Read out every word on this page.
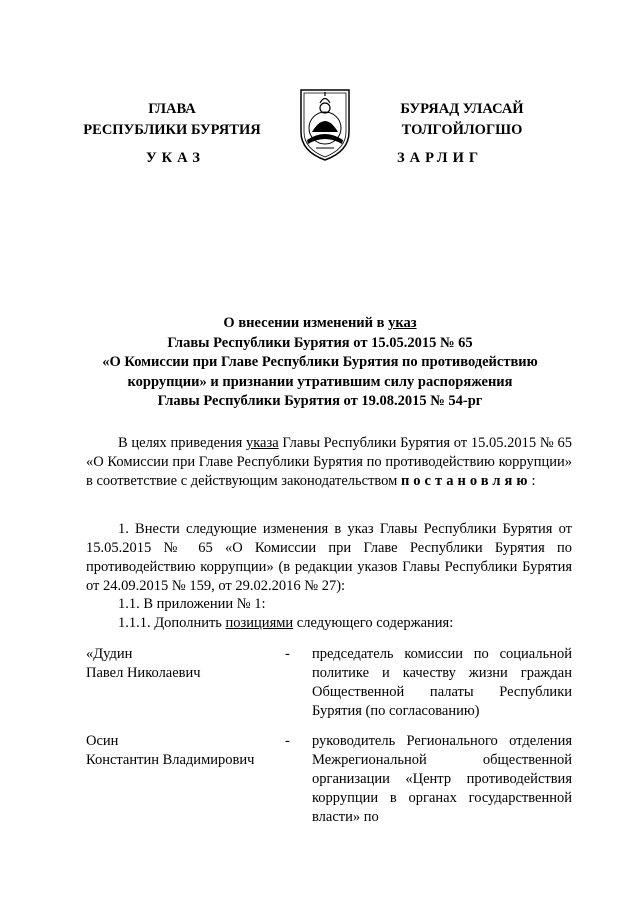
ГЛАВА
РЕСПУБЛИКИ БУРЯТИЯ
БУРЯАД УЛАСАЙ
ТОЛГОЙЛОГШО
УКАЗ	ЗАРЛИГ
О внесении изменений в указ
Главы Республики Бурятия от 15.05.2015 № 65
«О Комиссии при Главе Республики Бурятия по противодействию
коррупции» и признании утратившим силу распоряжения
Главы Республики Бурятия от 19.08.2015 № 54-рг
В целях приведения указа Главы Республики Бурятия от 15.05.2015 № 65 «О Комиссии при Главе Республики Бурятия по противодействию коррупции» в соответствие с действующим законодательством постановляю:
1. Внести следующие изменения в указ Главы Республики Бурятия от 15.05.2015 № 65 «О Комиссии при Главе Республики Бурятия по противодействию коррупции» (в редакции указов Главы Республики Бурятия от 24.09.2015 № 159, от 29.02.2016 № 27):
1.1. В приложении № 1:
1.1.1. Дополнить позициями следующего содержания:
«Дудин
Павел Николаевич
- председатель комиссии по социальной политике и качеству жизни граждан Общественной палаты Республики Бурятия (по согласованию)
Осин
Константин Владимирович
- руководитель Регионального отделения Межрегиональной общественной организации «Центр противодействия коррупции в органах государственной власти» по
